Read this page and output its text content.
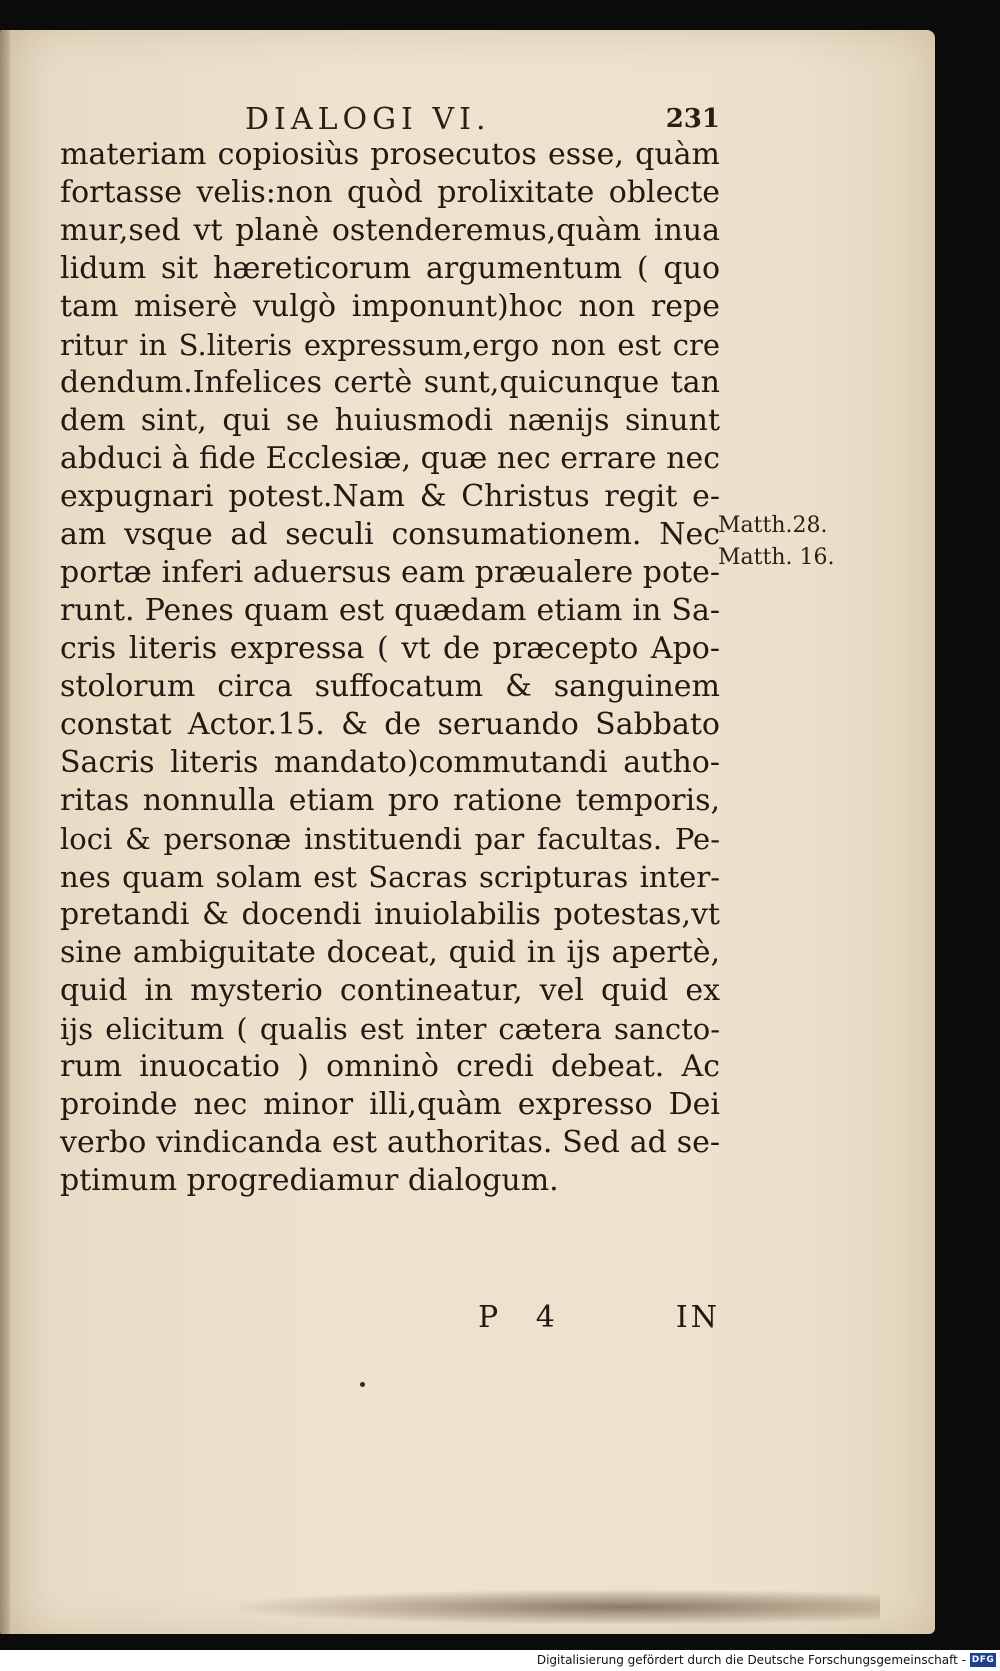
DIALOGI VI.	231
materiam copiosiùs prosecutos esse, quàm
fortasse velis:non quòd prolixitate oblecte
mur,sed vt planè ostenderemus,quàm inua
lidum sit hæreticorum argumentum ( quo
tam miserè vulgò imponunt)hoc non repe
ritur in S.literis expressum,ergo non est cre
dendum.Infelices certè sunt,quicunque tan
dem sint, qui se huiusmodi nænijs sinunt
abduci à fide Ecclesiæ, quæ nec errare nec
expugnari potest.Nam & Christus regit e-
am vsque ad seculi consumationem. Nec
portæ inferi aduersus eam præualere pote-
runt. Penes quam est quædam etiam in Sa-
cris literis expressa ( vt de præcepto Apo-
stolorum circa suffocatum & sanguinem
constat Actor.15. & de seruando Sabbato
Sacris literis mandato)commutandi autho-
ritas nonnulla etiam pro ratione temporis,
loci & personæ instituendi par facultas. Pe-
nes quam solam est Sacras scripturas inter-
pretandi & docendi inuiolabilis potestas,vt
sine ambiguitate doceat, quid in ijs apertè,
quid in mysterio contineatur, vel quid ex
ijs elicitum ( qualis est inter cætera sancto-
rum inuocatio ) omninò credi debeat. Ac
proinde nec minor illi,quàm expresso Dei
verbo vindicanda est authoritas. Sed ad se-
ptimum progrediamur dialogum.
Matth.28.
Matth. 16.
P 4	IN
Digitalisierung gefördert durch die Deutsche Forschungsgemeinschaft - DFG
